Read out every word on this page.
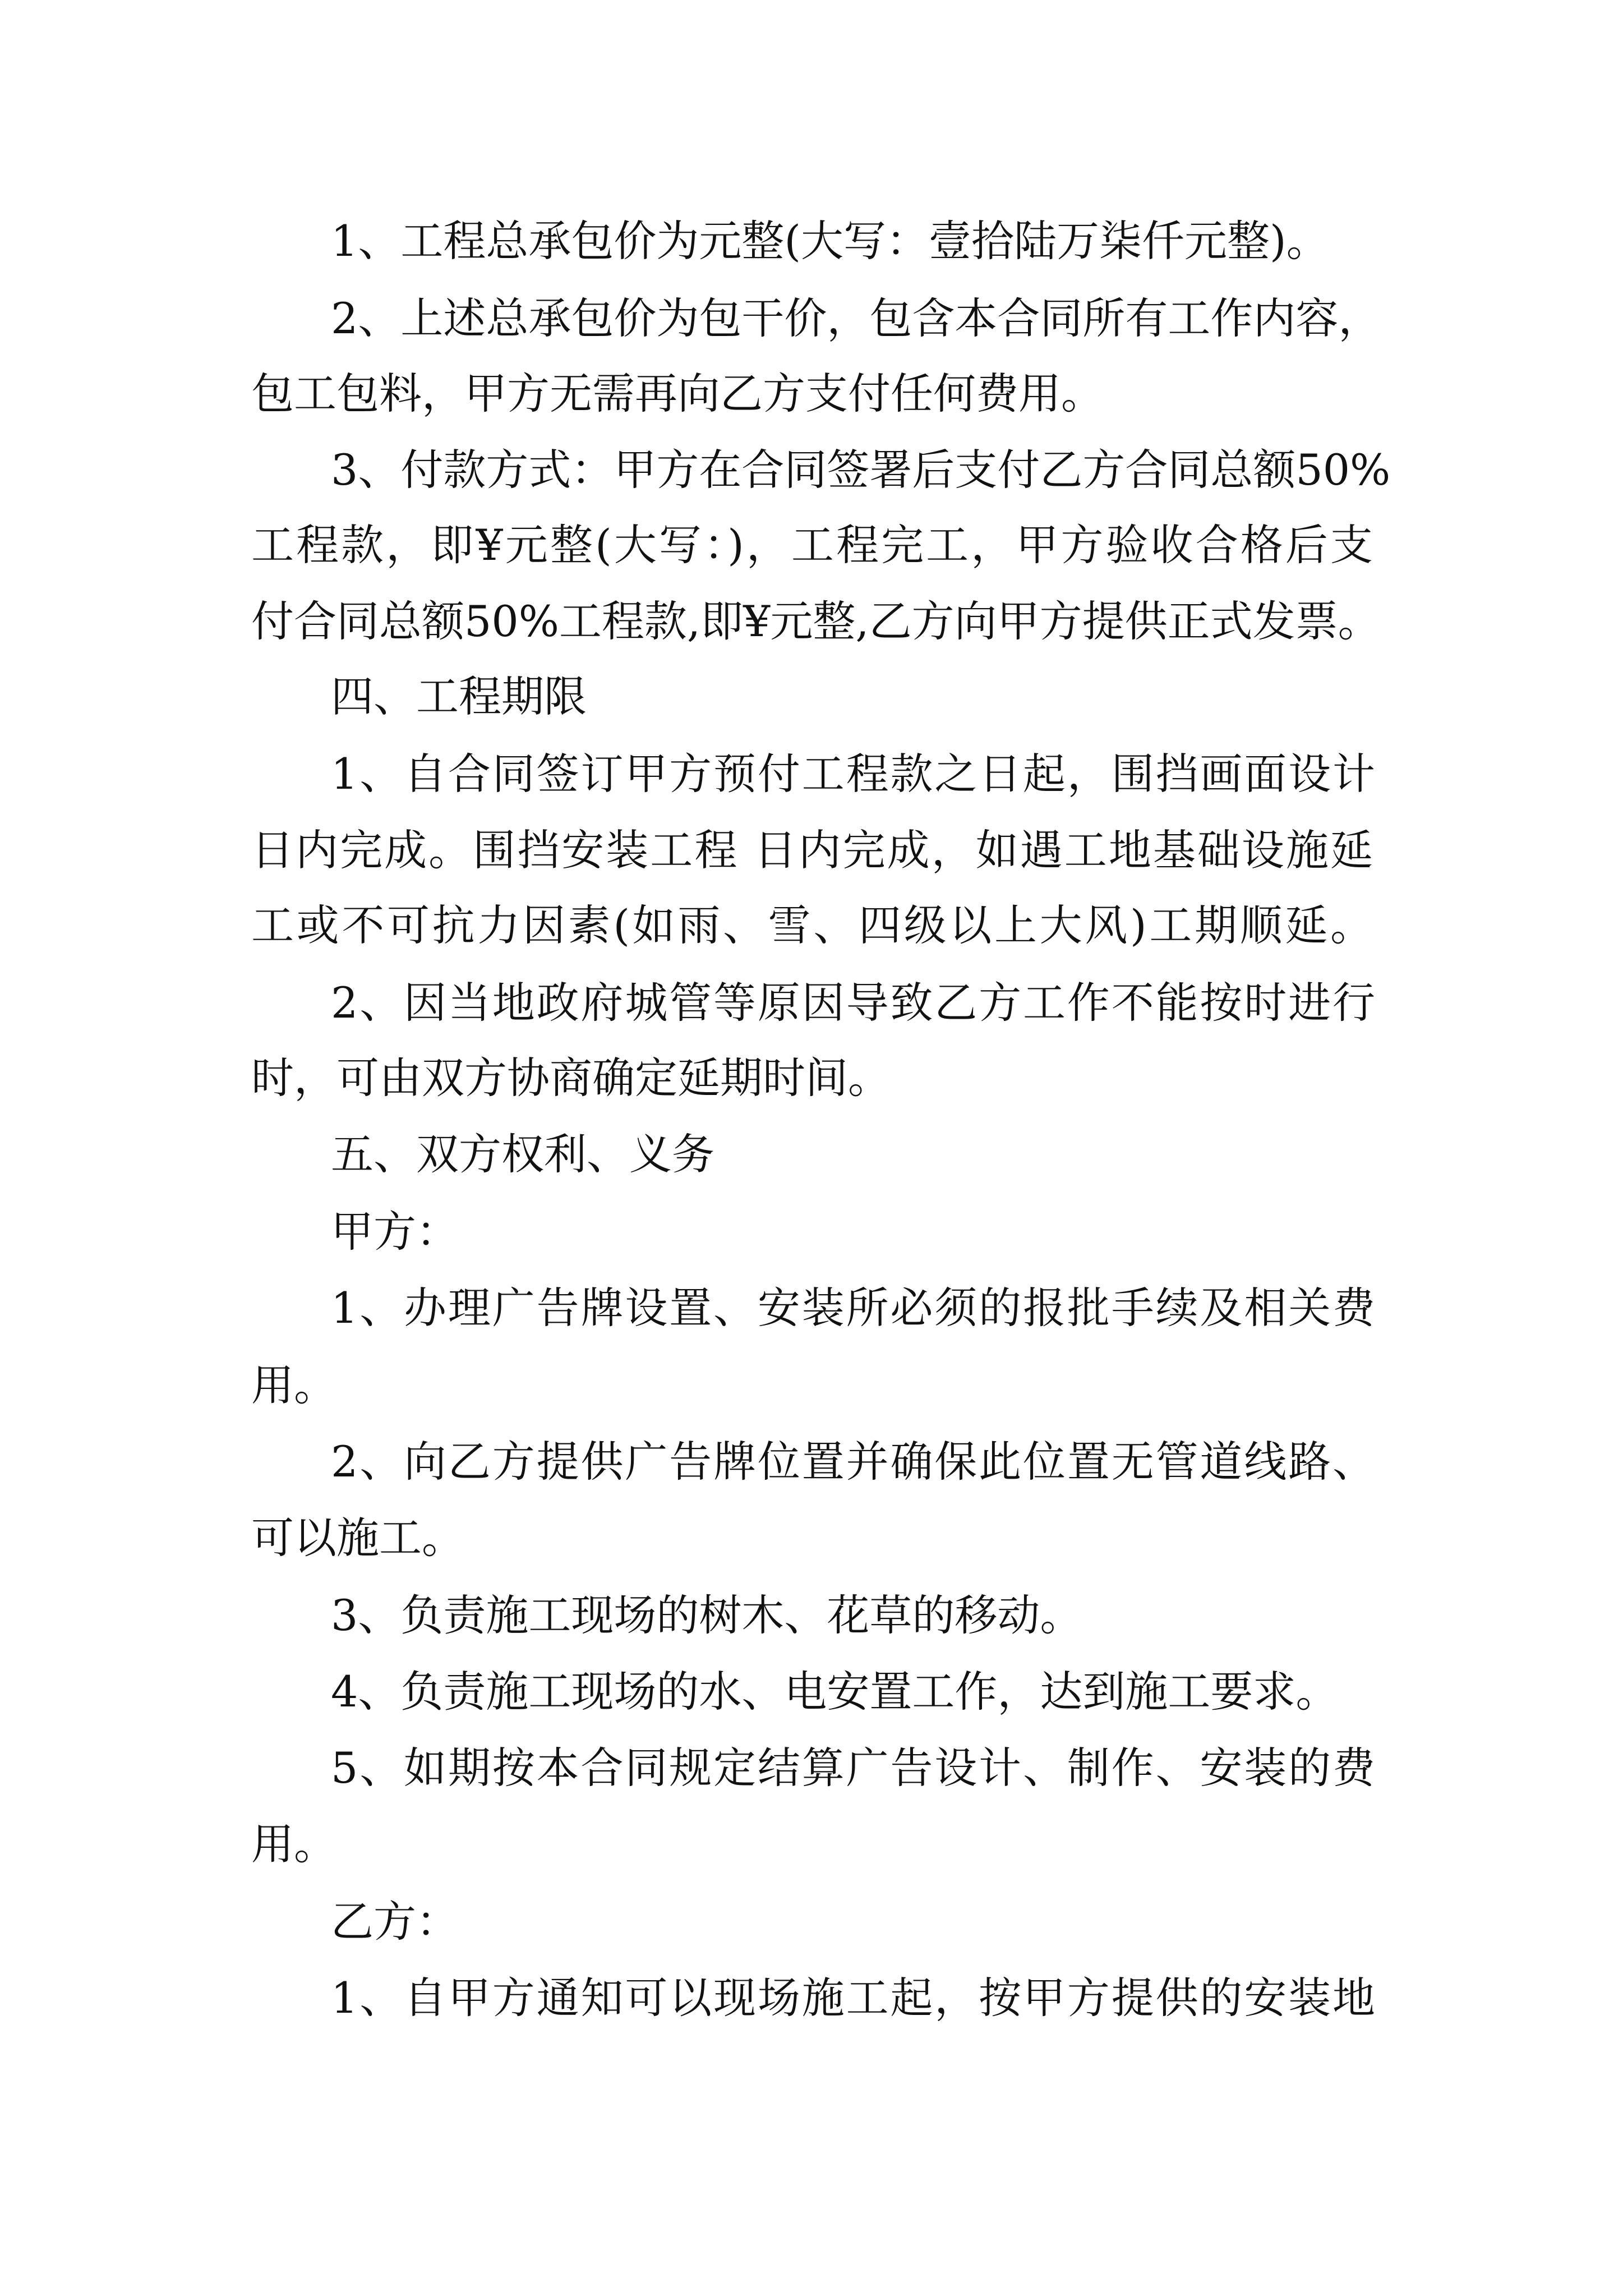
1、工程总承包价为元整(大写：壹拾陆万柒仟元整)。
2、上述总承包价为包干价，包含本合同所有工作内容，
包工包料，甲方无需再向乙方支付任何费用。
3、付款方式：甲方在合同签署后支付乙方合同总额50%
工程款，即¥元整(大写：)，工程完工，甲方验收合格后支
付合同总额50%工程款,即¥元整,乙方向甲方提供正式发票。
四、工程期限
1、自合同签订甲方预付工程款之日起，围挡画面设计
日内完成。围挡安装工程 日内完成，如遇工地基础设施延
工或不可抗力因素(如雨、雪、四级以上大风)工期顺延。
2、因当地政府城管等原因导致乙方工作不能按时进行
时，可由双方协商确定延期时间。
五、双方权利、义务
甲方：
1、办理广告牌设置、安装所必须的报批手续及相关费
用。
2、向乙方提供广告牌位置并确保此位置无管道线路、
可以施工。
3、负责施工现场的树木、花草的移动。
4、负责施工现场的水、电安置工作，达到施工要求。
5、如期按本合同规定结算广告设计、制作、安装的费
用。
乙方：
1、自甲方通知可以现场施工起，按甲方提供的安装地
